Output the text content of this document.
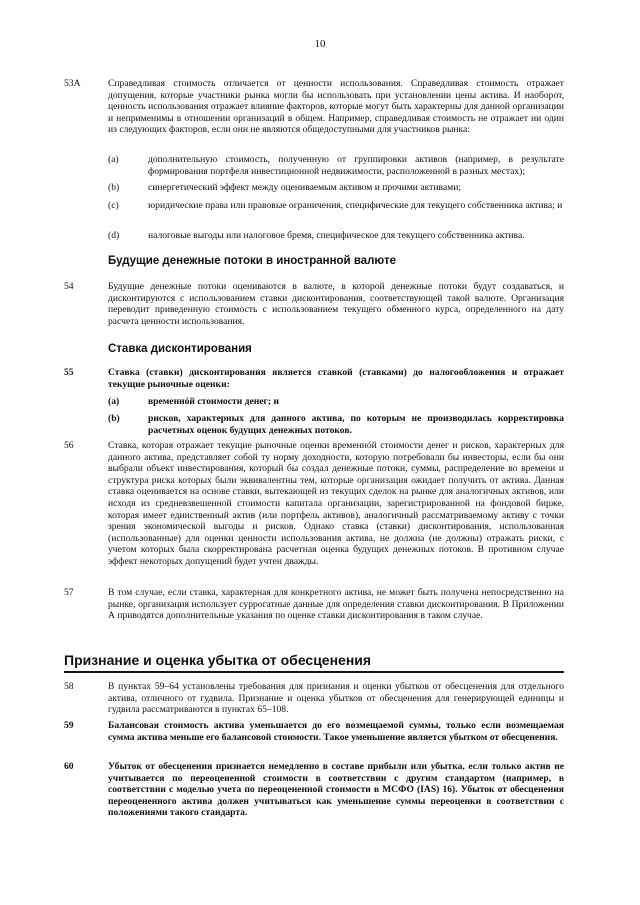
10
53A	Справедливая стоимость отличается от ценности использования. Справедливая стоимость отражает допущения, которые участники рынка могли бы использовать при установлении цены актива. И наоборот, ценность использования отражает влияние факторов, которые могут быть характерны для данной организации и неприменимы в отношении организаций в общем. Например, справедливая стоимость не отражает ни один из следующих факторов, если они не являются общедоступными для участников рынка:
(a)	дополнительную стоимость, полученную от группировки активов (например, в результате формирования портфеля инвестиционной недвижимости, расположенной в разных местах);
(b)	синергетический эффект между оцениваемым активом и прочими активами;
(c)	юридические права или правовые ограничения, специфические для текущего собственника актива; и
(d)	налоговые выгоды или налоговое бремя, специфическое для текущего собственника актива.
Будущие денежные потоки в иностранной валюте
54	Будущие денежные потоки оцениваются в валюте, в которой денежные потоки будут создаваться, и дисконтируются с использованием ставки дисконтирования, соответствующей такой валюте. Организация переводит приведенную стоимость с использованием текущего обменного курса, определенного на дату расчета ценности использования.
Ставка дисконтирования
55	Ставка (ставки) дисконтирования является ставкой (ставками) до налогообложения и отражает текущие рыночные оценки:
(a)	временнóй стоимости денег; и
(b)	рисков, характерных для данного актива, по которым не производилась корректировка расчетных оценок будущих денежных потоков.
56	Ставка, которая отражает текущие рыночные оценки временнóй стоимости денег и рисков, характерных для данного актива, представляет собой ту норму доходности, которую потребовали бы инвесторы, если бы они выбрали объект инвестирования, который бы создал денежные потоки, суммы, распределение во времени и структура риска которых были эквивалентны тем, которые организация ожидает получить от актива. Данная ставка оценивается на основе ставки, вытекающей из текущих сделок на рынке для аналогичных активов, или исходя из средневзвешенной стоимости капитала организации, зарегистрированной на фондовой бирже, которая имеет единственный актив (или портфель активов), аналогичный рассматриваемому активу с точки зрения экономической выгоды и рисков. Однако ставка (ставки) дисконтирования, использованная (использованные) для оценки ценности использования актива, не должна (не должны) отражать риски, с учетом которых была скорректирована расчетная оценка будущих денежных потоков. В противном случае эффект некоторых допущений будет учтен дважды.
57	В том случае, если ставка, характерная для конкретного актива, не может быть получена непосредственно на рынке, организация использует суррогатные данные для определения ставки дисконтирования. В Приложении А приводятся дополнительные указания по оценке ставки дисконтирования в таком случае.
Признание и оценка убытка от обесценения
58	В пунктах 59–64 установлены требования для признания и оценки убытков от обесценения для отдельного актива, отличного от гудвила. Признание и оценка убытков от обесценения для генерирующей единицы и гудвила рассматриваются в пунктах 65–108.
59	Балансовая стоимость актива уменьшается до его возмещаемой суммы, только если возмещаемая сумма актива меньше его балансовой стоимости. Такое уменьшение является убытком от обесценения.
60	Убыток от обесценения признается немедленно в составе прибыли или убытка, если только актив не учитывается по переоцененной стоимости в соответствии с другим стандартом (например, в соответствии с моделью учета по переоцененной стоимости в МСФО (IAS) 16). Убыток от обесценения переоцененного актива должен учитываться как уменьшение суммы переоценки в соответствии с положениями такого стандарта.
